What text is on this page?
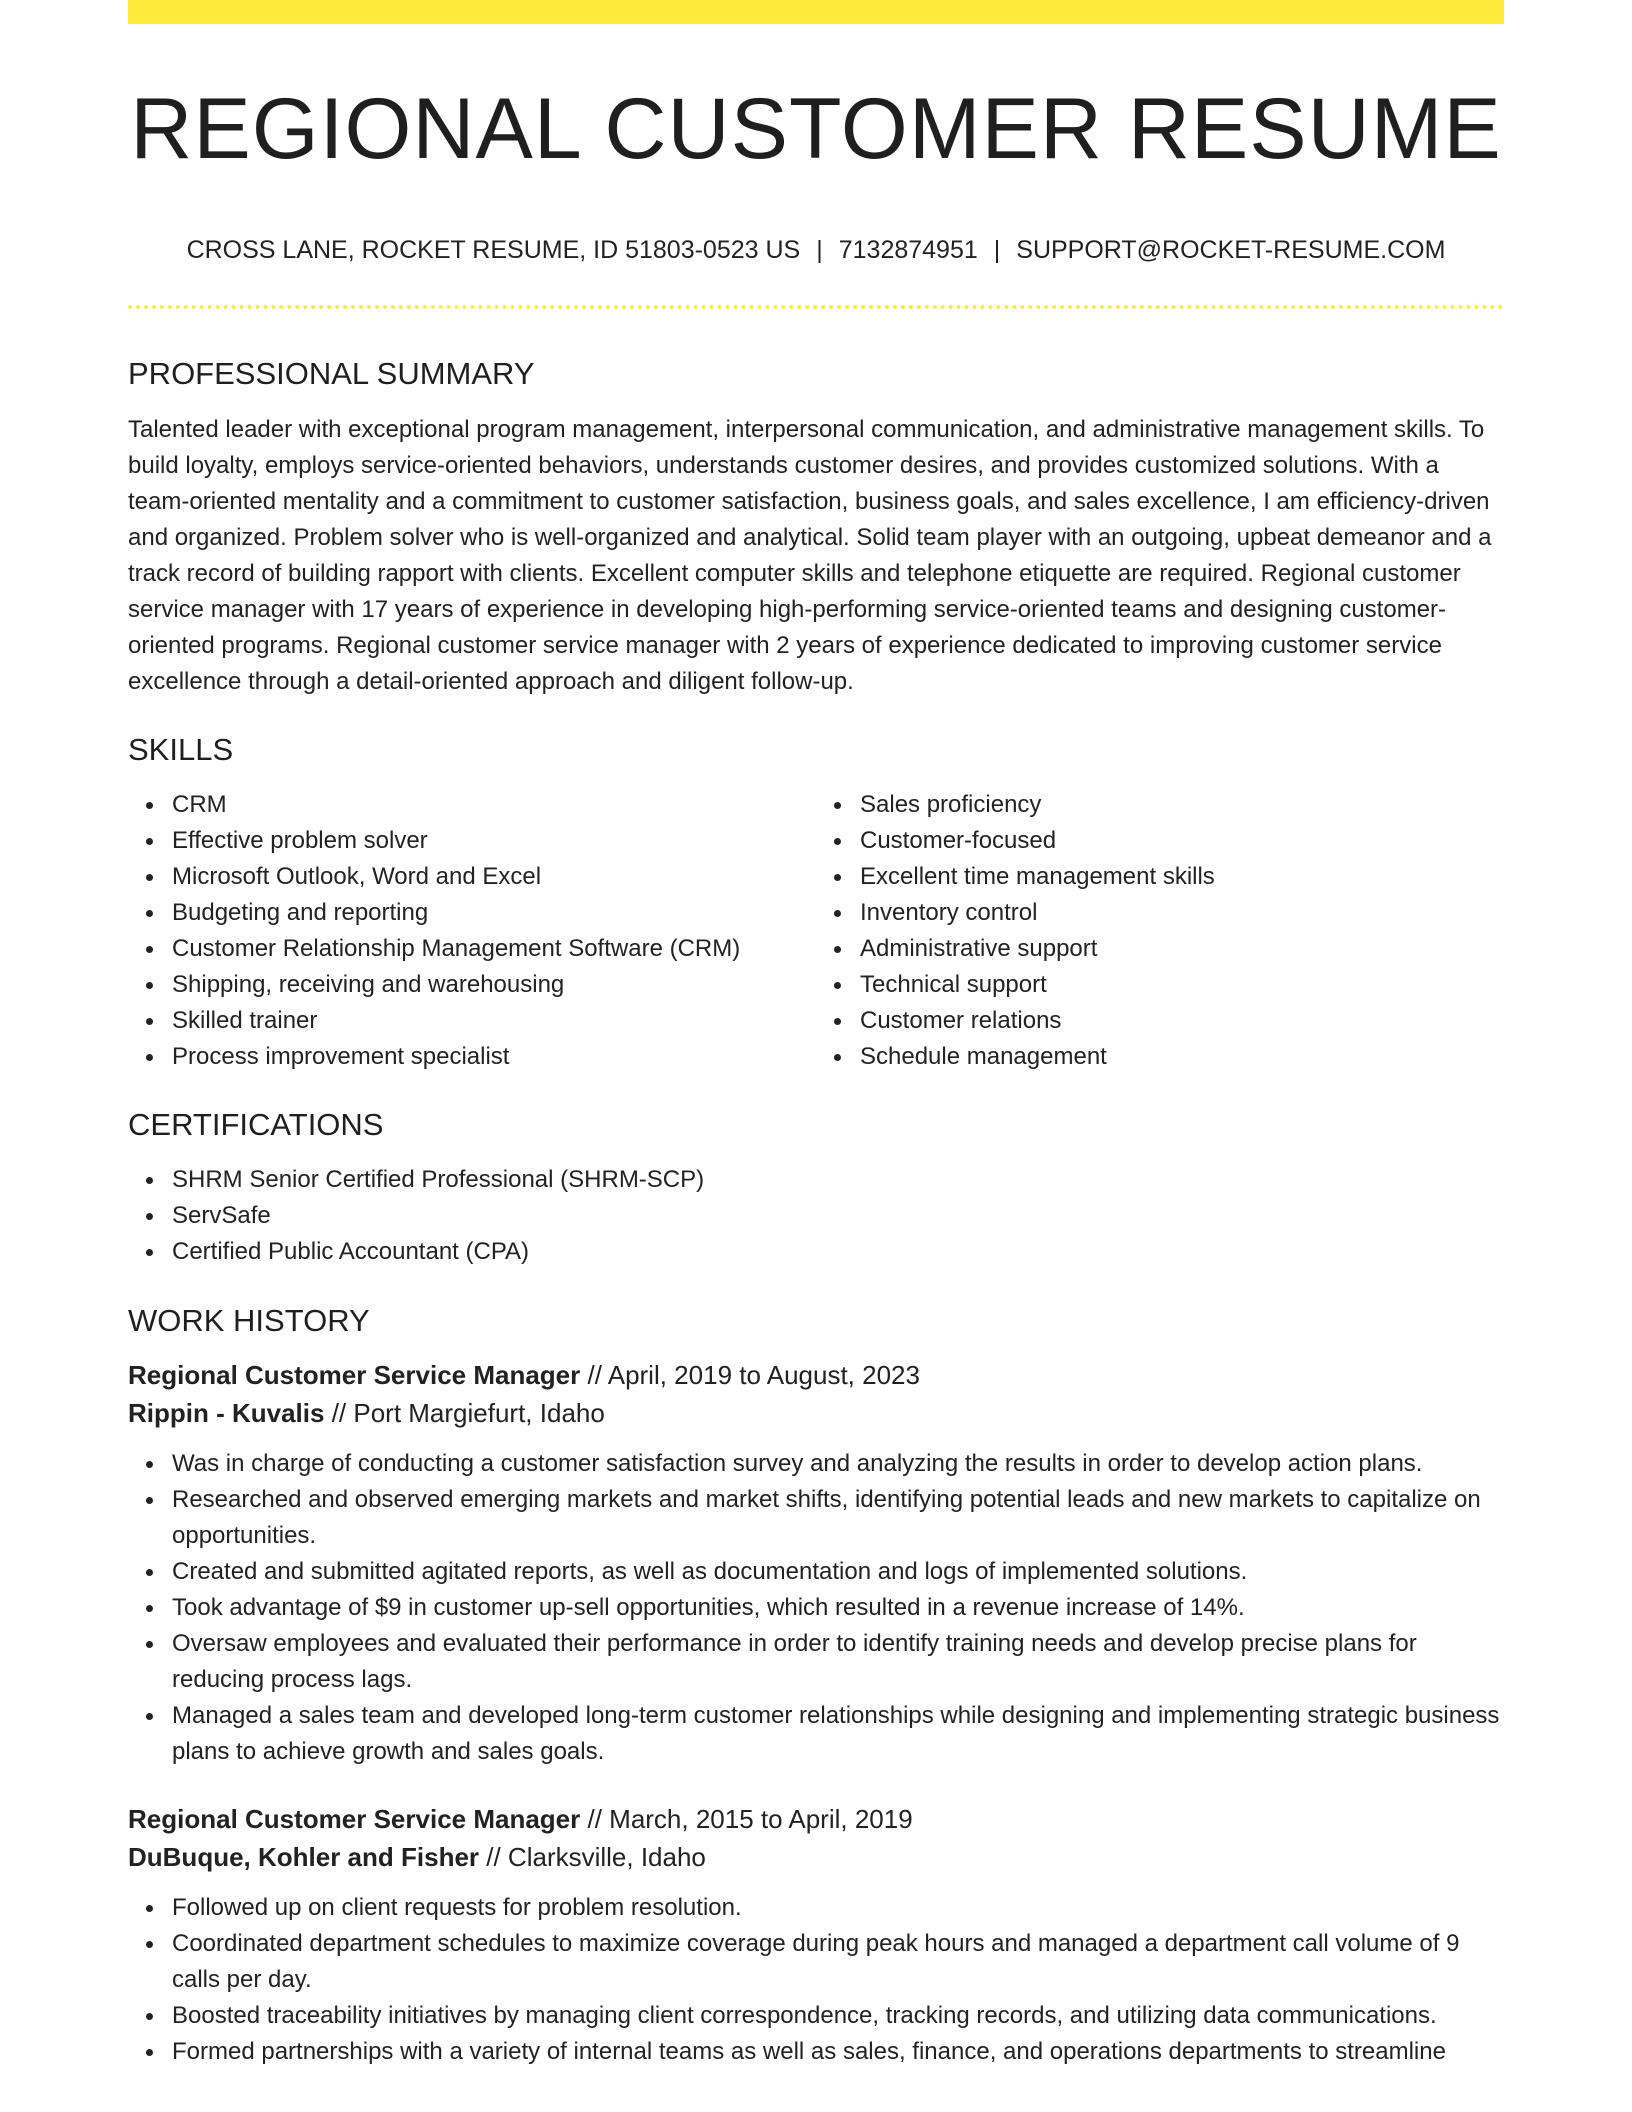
REGIONAL CUSTOMER RESUME
CROSS LANE, ROCKET RESUME, ID 51803-0523 US | 7132874951 | SUPPORT@ROCKET-RESUME.COM
PROFESSIONAL SUMMARY

Talented leader with exceptional program management, interpersonal communication, and administrative management skills. To build loyalty, employs service-oriented behaviors, understands customer desires, and provides customized solutions. With a team-oriented mentality and a commitment to customer satisfaction, business goals, and sales excellence, I am efficiency-driven and organized. Problem solver who is well-organized and analytical. Solid team player with an outgoing, upbeat demeanor and a track record of building rapport with clients. Excellent computer skills and telephone etiquette are required. Regional customer service manager with 17 years of experience in developing high-performing service-oriented teams and designing customer-oriented programs. Regional customer service manager with 2 years of experience dedicated to improving customer service excellence through a detail-oriented approach and diligent follow-up.

SKILLS
CRM
Effective problem solver
Microsoft Outlook, Word and Excel
Budgeting and reporting
Customer Relationship Management Software (CRM)
Shipping, receiving and warehousing
Skilled trainer
Process improvement specialist
Sales proficiency
Customer-focused
Excellent time management skills
Inventory control
Administrative support
Technical support
Customer relations
Schedule management
CERTIFICATIONS
SHRM Senior Certified Professional (SHRM-SCP)
ServSafe
Certified Public Accountant (CPA)
WORK HISTORY
Regional Customer Service Manager // April, 2019 to August, 2023
Rippin - Kuvalis // Port Margiefurt, Idaho
Was in charge of conducting a customer satisfaction survey and analyzing the results in order to develop action plans.
Researched and observed emerging markets and market shifts, identifying potential leads and new markets to capitalize on opportunities.
Created and submitted agitated reports, as well as documentation and logs of implemented solutions.
Took advantage of $9 in customer up-sell opportunities, which resulted in a revenue increase of 14%.
Oversaw employees and evaluated their performance in order to identify training needs and develop precise plans for reducing process lags.
Managed a sales team and developed long-term customer relationships while designing and implementing strategic business plans to achieve growth and sales goals.
Regional Customer Service Manager // March, 2015 to April, 2019
DuBuque, Kohler and Fisher // Clarksville, Idaho
Followed up on client requests for problem resolution.
Coordinated department schedules to maximize coverage during peak hours and managed a department call volume of 9 calls per day.
Boosted traceability initiatives by managing client correspondence, tracking records, and utilizing data communications.
Formed partnerships with a variety of internal teams as well as sales, finance, and operations departments to streamline
